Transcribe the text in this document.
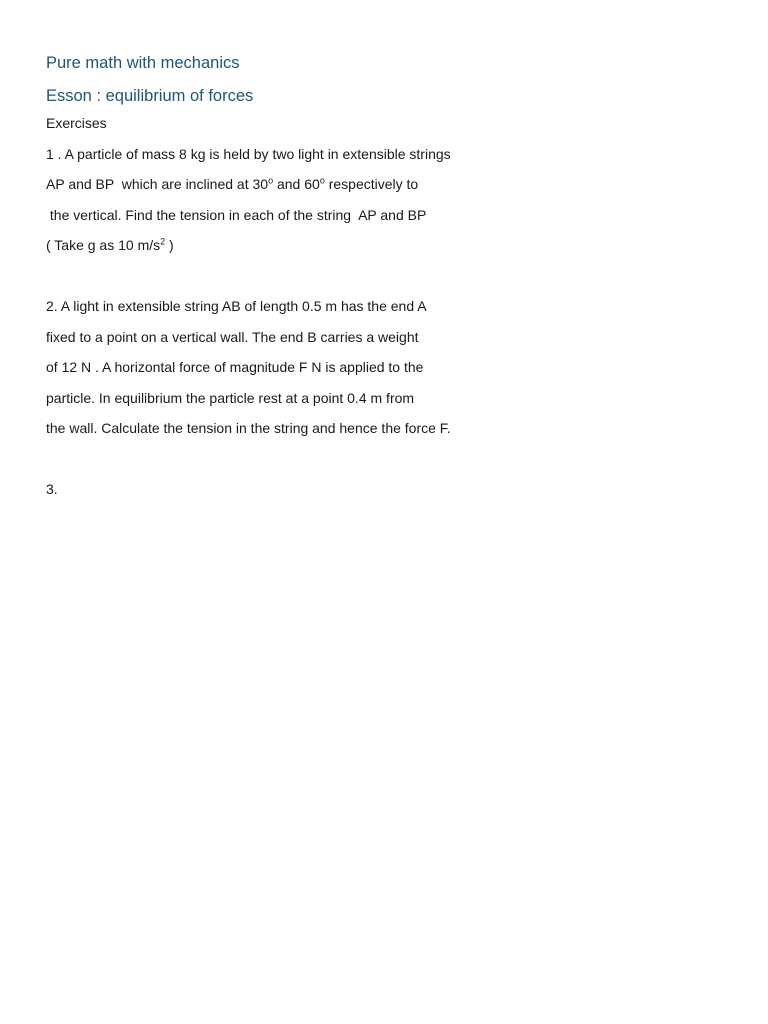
Pure math with mechanics
Esson : equilibrium of forces
Exercises
1 . A particle of mass 8 kg is held by two light in extensible strings
AP and BP  which are inclined at 30$^o$ and 60$^o$ respectively to
the vertical. Find the tension in each of the string  AP and BP
( Take g as 10 $m/s^2$ )
2. A light in extensible string AB of length 0.5 m has the end A
fixed to a point on a vertical wall. The end B carries a weight
of 12 N . A horizontal force of magnitude F N is applied to the
particle. In equilibrium the particle rest at a point 0.4 m from
the wall. Calculate the tension in the string and hence the force F.
3.
